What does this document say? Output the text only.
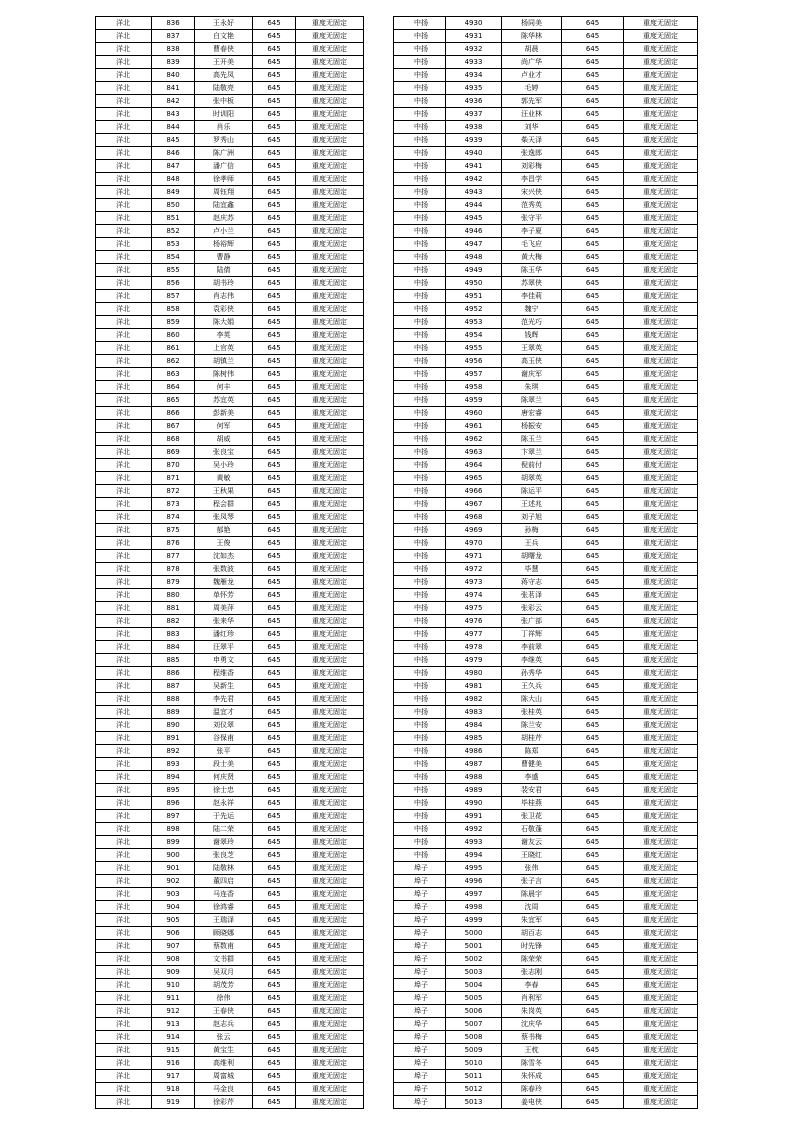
洋北	836	王永好	645	重度无固定
洋北	837	白文艳	645	重度无固定
洋北	838	曹春侠	645	重度无固定
洋北	839	王开美	645	重度无固定
洋北	840	高先凤	645	重度无固定
洋北	841	陆敬亮	645	重度无固定
洋北	842	张中板	645	重度无固定
洋北	843	时训阳	645	重度无固定
洋北	844	肖乐	645	重度无固定
洋北	845	罗秀山	645	重度无固定
洋北	846	陈广洲	645	重度无固定
洋北	847	潘广信	645	重度无固定
洋北	848	徐孝师	645	重度无固定
洋北	849	周钰翔	645	重度无固定
洋北	850	陆宜鑫	645	重度无固定
洋北	851	赵庆苏	645	重度无固定
洋北	852	卢小兰	645	重度无固定
洋北	853	杨裕辉	645	重度无固定
洋北	854	曹静	645	重度无固定
洋北	855	陆倩	645	重度无固定
洋北	856	胡书玲	645	重度无固定
洋北	857	肖志伟	645	重度无固定
洋北	858	袁彩侠	645	重度无固定
洋北	859	陈大娟	645	重度无固定
洋北	860	李英	645	重度无固定
洋北	861	上官英	645	重度无固定
洋北	862	胡镇兰	645	重度无固定
洋北	863	陈树伟	645	重度无固定
洋北	864	何丰	645	重度无固定
洋北	865	苏宜英	645	重度无固定
洋北	866	彭新美	645	重度无固定
洋北	867	何军	645	重度无固定
洋北	868	胡威	645	重度无固定
洋北	869	张良宝	645	重度无固定
洋北	870	吴小玲	645	重度无固定
洋北	871	黄敏	645	重度无固定
洋北	872	王秋果	645	重度无固定
洋北	873	程会群	645	重度无固定
洋北	874	张凤琴	645	重度无固定
洋北	875	郁艳	645	重度无固定
洋北	876	王俊	645	重度无固定
洋北	877	沈如杰	645	重度无固定
洋北	878	张数波	645	重度无固定
洋北	879	魏雁龙	645	重度无固定
洋北	880	单怀芳	645	重度无固定
洋北	881	周美萍	645	重度无固定
洋北	882	张来华	645	重度无固定
洋北	883	潘红珍	645	重度无固定
洋北	884	汪翠平	645	重度无固定
洋北	885	申勇文	645	重度无固定
洋北	886	程维香	645	重度无固定
洋北	887	吴新生	645	重度无固定
洋北	888	李先君	645	重度无固定
洋北	889	温宜才	645	重度无固定
洋北	890	刘仪翠	645	重度无固定
洋北	891	谷保甫	645	重度无固定
洋北	892	张平	645	重度无固定
洋北	893	段士美	645	重度无固定
洋北	894	何庆贤	645	重度无固定
洋北	895	徐士忠	645	重度无固定
洋北	896	赵永祥	645	重度无固定
洋北	897	于先运	645	重度无固定
洋北	898	陆二荣	645	重度无固定
洋北	899	谢翠玲	645	重度无固定
洋北	900	张良芝	645	重度无固定
洋北	901	陆敬林	645	重度无固定
洋北	902	董四启	645	重度无固定
洋北	903	马连香	645	重度无固定
洋北	904	徐鸿睿	645	重度无固定
洋北	905	王瑞泽	645	重度无固定
洋北	906	顾晓娜	645	重度无固定
洋北	907	蔡数甫	645	重度无固定
洋北	908	文书群	645	重度无固定
洋北	909	吴双月	645	重度无固定
洋北	910	胡茂芳	645	重度无固定
洋北	911	徐伟	645	重度无固定
洋北	912	王春侠	645	重度无固定
洋北	913	赵志兵	645	重度无固定
洋北	914	张云	645	重度无固定
洋北	915	黄宝生	645	重度无固定
洋北	916	高维利	645	重度无固定
洋北	917	周富城	645	重度无固定
洋北	918	马金良	645	重度无固定
洋北	919	徐彩芹	645	重度无固定
中扬	4930	杨同美	645	重度无固定
中扬	4931	陈华林	645	重度无固定
中扬	4932	胡晨	645	重度无固定
中扬	4933	尚广华	645	重度无固定
中扬	4934	卢业才	645	重度无固定
中扬	4935	毛婷	645	重度无固定
中扬	4936	郭先军	645	重度无固定
中扬	4937	汪业林	645	重度无固定
中扬	4938	刘华	645	重度无固定
中扬	4939	柴天泽	645	重度无固定
中扬	4940	张逸郎	645	重度无固定
中扬	4941	刘彩梅	645	重度无固定
中扬	4942	李昌学	645	重度无固定
中扬	4943	宋兴侠	645	重度无固定
中扬	4944	范秀英	645	重度无固定
中扬	4945	张守平	645	重度无固定
中扬	4946	李子夏	645	重度无固定
中扬	4947	毛飞应	645	重度无固定
中扬	4948	黄大梅	645	重度无固定
中扬	4949	陈玉华	645	重度无固定
中扬	4950	苏翠侠	645	重度无固定
中扬	4951	李佳莉	645	重度无固定
中扬	4952	魏宁	645	重度无固定
中扬	4953	范光巧	645	重度无固定
中扬	4954	钱辉	645	重度无固定
中扬	4955	王翠英	645	重度无固定
中扬	4956	高玉侠	645	重度无固定
中扬	4957	谢庆军	645	重度无固定
中扬	4958	朱琪	645	重度无固定
中扬	4959	陈翠兰	645	重度无固定
中扬	4960	唐宏睿	645	重度无固定
中扬	4961	杨振安	645	重度无固定
中扬	4962	陈玉兰	645	重度无固定
中扬	4963	卞翠兰	645	重度无固定
中扬	4964	倪前付	645	重度无固定
中扬	4965	胡翠英	645	重度无固定
中扬	4966	陈运平	645	重度无固定
中扬	4967	王述兆	645	重度无固定
中扬	4968	刘子旭	645	重度无固定
中扬	4969	孙梅	645	重度无固定
中扬	4970	王兵	645	重度无固定
中扬	4971	胡曙龙	645	重度无固定
中扬	4972	毕慧	645	重度无固定
中扬	4973	蒋守志	645	重度无固定
中扬	4974	张茗泽	645	重度无固定
中扬	4975	张彩云	645	重度无固定
中扬	4976	张广部	645	重度无固定
中扬	4977	丁祥辉	645	重度无固定
中扬	4978	李前翠	645	重度无固定
中扬	4979	李继英	645	重度无固定
中扬	4980	孙秀华	645	重度无固定
中扬	4981	王久兵	645	重度无固定
中扬	4982	陈大山	645	重度无固定
中扬	4983	张桂英	645	重度无固定
中扬	4984	陈兰安	645	重度无固定
中扬	4985	胡桂芹	645	重度无固定
中扬	4986	陈郑	645	重度无固定
中扬	4987	曹健美	645	重度无固定
中扬	4988	李盛	645	重度无固定
中扬	4989	裴安君	645	重度无固定
中扬	4990	毕桂燕	645	重度无固定
中扬	4991	张卫花	645	重度无固定
中扬	4992	石敬蓬	645	重度无固定
中扬	4993	谢友云	645	重度无固定
中扬	4994	王晓红	645	重度无固定
埠子	4995	张伟	645	重度无固定
埠子	4996	张子言	645	重度无固定
埠子	4997	陈晨宇	645	重度无固定
埠子	4998	沈周	645	重度无固定
埠子	4999	朱宜军	645	重度无固定
埠子	5000	胡百志	645	重度无固定
埠子	5001	时先锋	645	重度无固定
埠子	5002	陈荣荣	645	重度无固定
埠子	5003	张志刚	645	重度无固定
埠子	5004	李春	645	重度无固定
埠子	5005	肖利军	645	重度无固定
埠子	5006	朱岗英	645	重度无固定
埠子	5007	沈庆华	645	重度无固定
埠子	5008	蔡书梅	645	重度无固定
埠子	5009	王枕	645	重度无固定
埠子	5010	陈雪冬	645	重度无固定
埠子	5011	朱怀成	645	重度无固定
埠子	5012	陈春玲	645	重度无固定
埠子	5013	姜电侠	645	重度无固定
